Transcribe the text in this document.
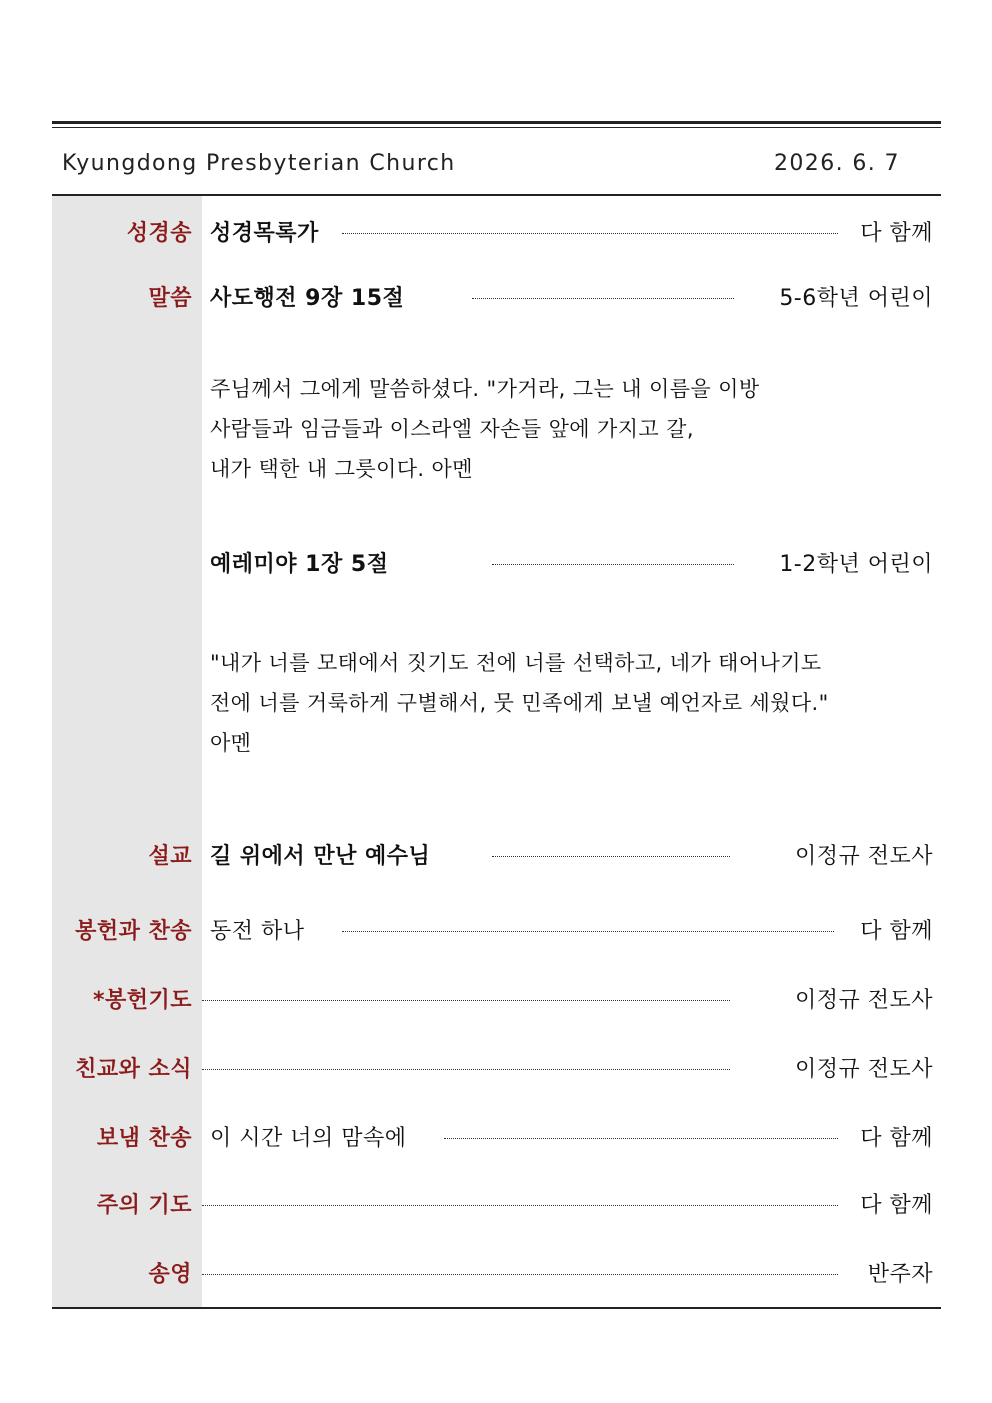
Kyungdong Presbyterian Church	2026. 6. 7
성경송 성경목록가	다 함께
말씀 사도행전 9장 15절	5-6학년 어린이
주님께서 그에게 말씀하셨다. "가거라, 그는 내 이름을 이방
사람들과 임금들과 이스라엘 자손들 앞에 가지고 갈,
내가 택한 내 그릇이다. 아멘
예레미야 1장 5절	1-2학년 어린이
"내가 너를 모태에서 짓기도 전에 너를 선택하고, 네가 태어나기도
전에 너를 거룩하게 구별해서, 뭇 민족에게 보낼 예언자로 세웠다."
아멘
설교 길 위에서 만난 예수님	이정규 전도사
봉헌과 찬송 동전 하나	다 함께
*봉헌기도	이정규 전도사
친교와 소식	이정규 전도사
보냄 찬송 이 시간 너의 맘속에	다 함께
주의 기도	다 함께
송영	반주자
